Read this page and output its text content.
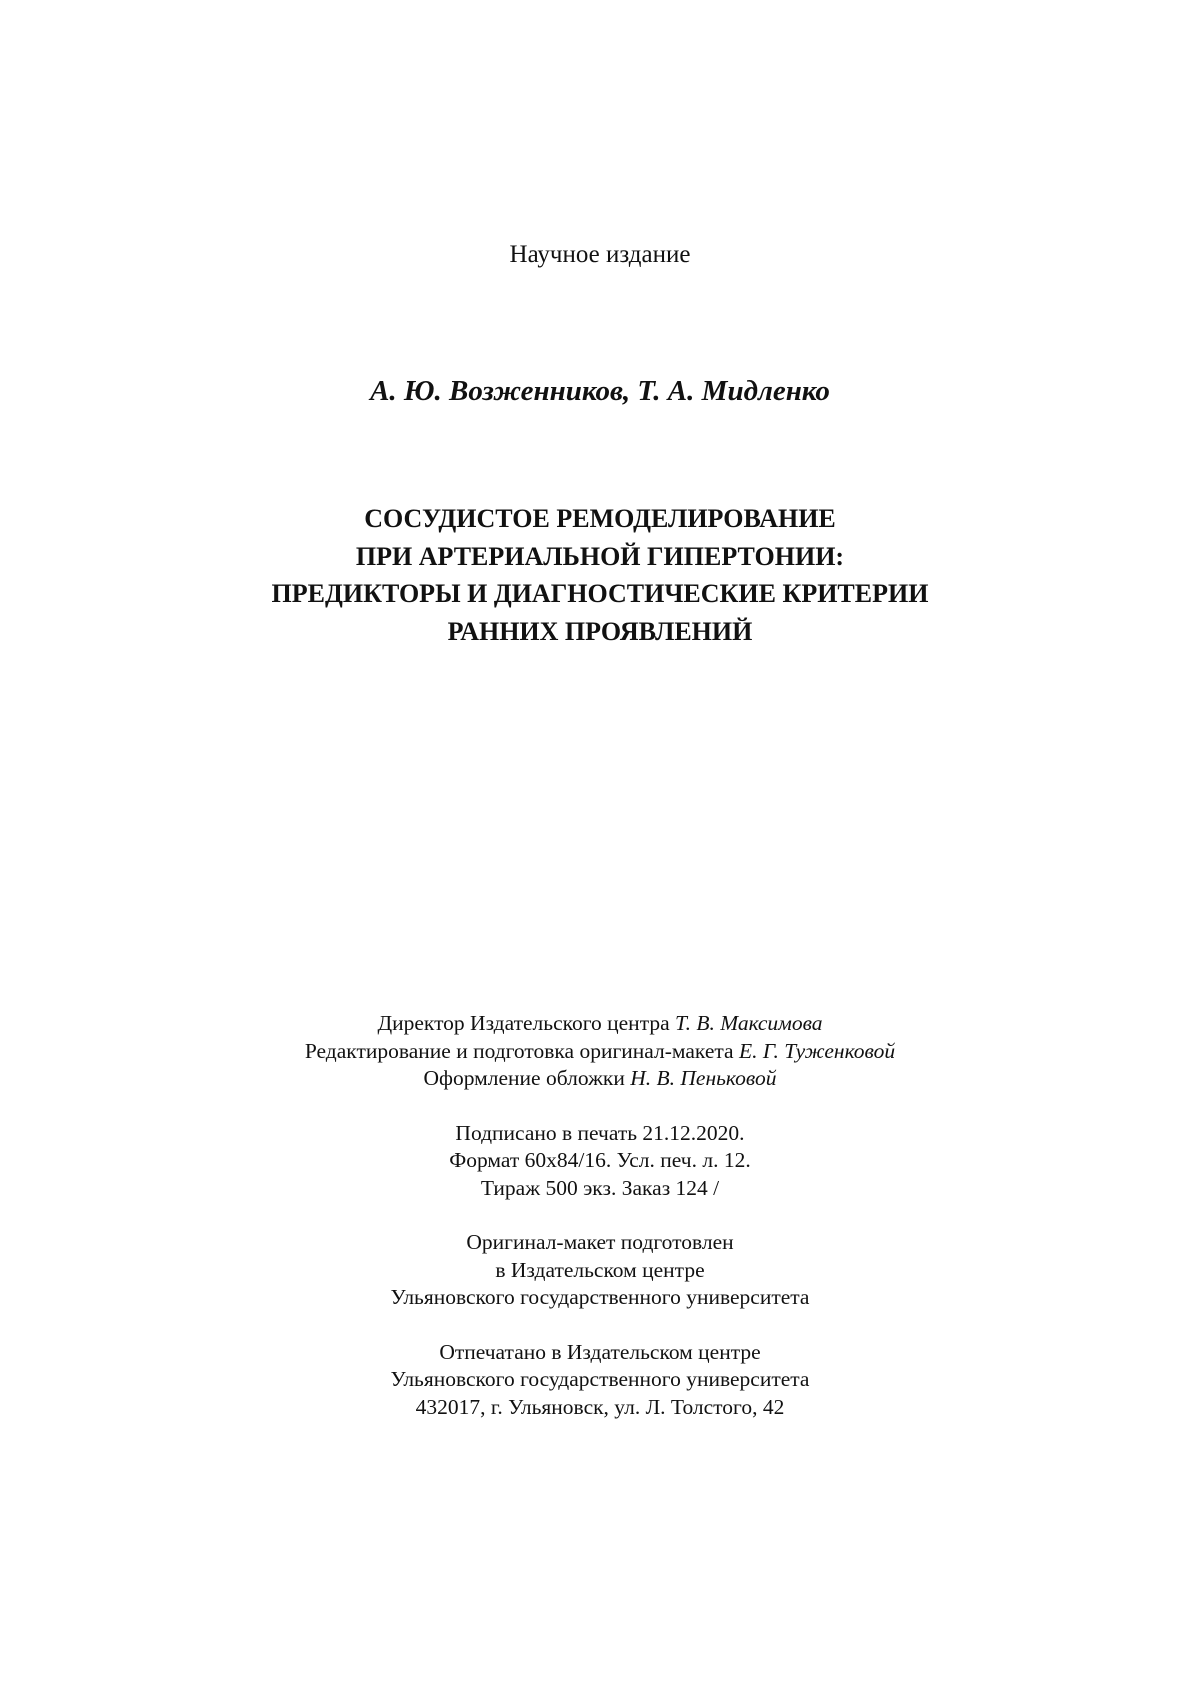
Научное издание
А. Ю. Возженников, Т. А. Мидленко
СОСУДИСТОЕ РЕМОДЕЛИРОВАНИЕ
ПРИ АРТЕРИАЛЬНОЙ ГИПЕРТОНИИ:
ПРЕДИКТОРЫ И ДИАГНОСТИЧЕСКИЕ КРИТЕРИИ
РАННИХ ПРОЯВЛЕНИЙ
Директор Издательского центра Т. В. Максимова
Редактирование и подготовка оригинал-макета Е. Г. Туженковой
Оформление обложки Н. В. Пеньковой
Подписано в печать 21.12.2020.
Формат 60x84/16. Усл. печ. л. 12.
Тираж 500 экз. Заказ 124 /
Оригинал-макет подготовлен
в Издательском центре
Ульяновского государственного университета
Отпечатано в Издательском центре
Ульяновского государственного университета
432017, г. Ульяновск, ул. Л. Толстого, 42
